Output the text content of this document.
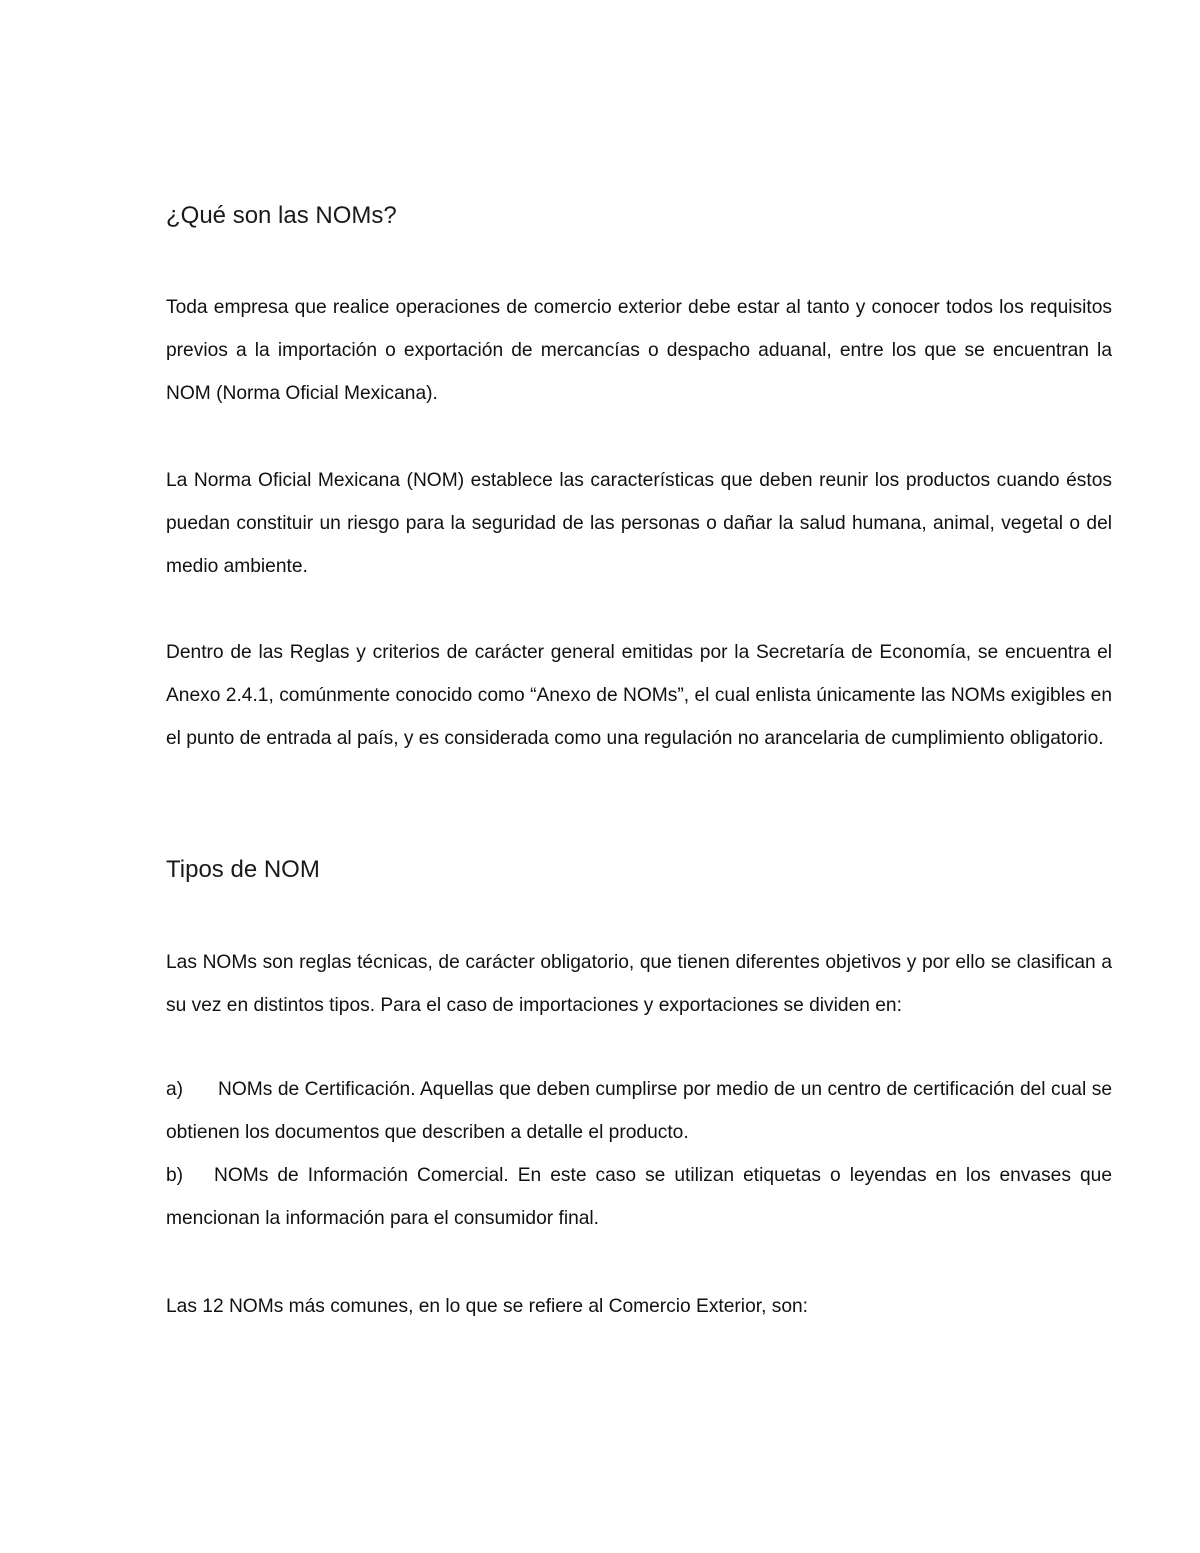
¿Qué son las NOMs?

Toda empresa que realice operaciones de comercio exterior debe estar al tanto y conocer todos los requisitos previos a la importación o exportación de mercancías o despacho aduanal, entre los que se encuentran la NOM (Norma Oficial Mexicana).

La Norma Oficial Mexicana (NOM) establece las características que deben reunir los productos cuando éstos puedan constituir un riesgo para la seguridad de las personas o dañar la salud humana, animal, vegetal o del medio ambiente.

Dentro de las Reglas y criterios de carácter general emitidas por la Secretaría de Economía, se encuentra el Anexo 2.4.1, comúnmente conocido como “Anexo de NOMs”, el cual enlista únicamente las NOMs exigibles en el punto de entrada al país, y es considerada como una regulación no arancelaria de cumplimiento obligatorio.

Tipos de NOM

Las NOMs son reglas técnicas, de carácter obligatorio, que tienen diferentes objetivos y por ello se clasifican a su vez en distintos tipos. Para el caso de importaciones y exportaciones se dividen en:

a) NOMs de Certificación. Aquellas que deben cumplirse por medio de un centro de certificación del cual se obtienen los documentos que describen a detalle el producto.

b) NOMs de Información Comercial. En este caso se utilizan etiquetas o leyendas en los envases que mencionan la información para el consumidor final.

Las 12 NOMs más comunes, en lo que se refiere al Comercio Exterior, son:
